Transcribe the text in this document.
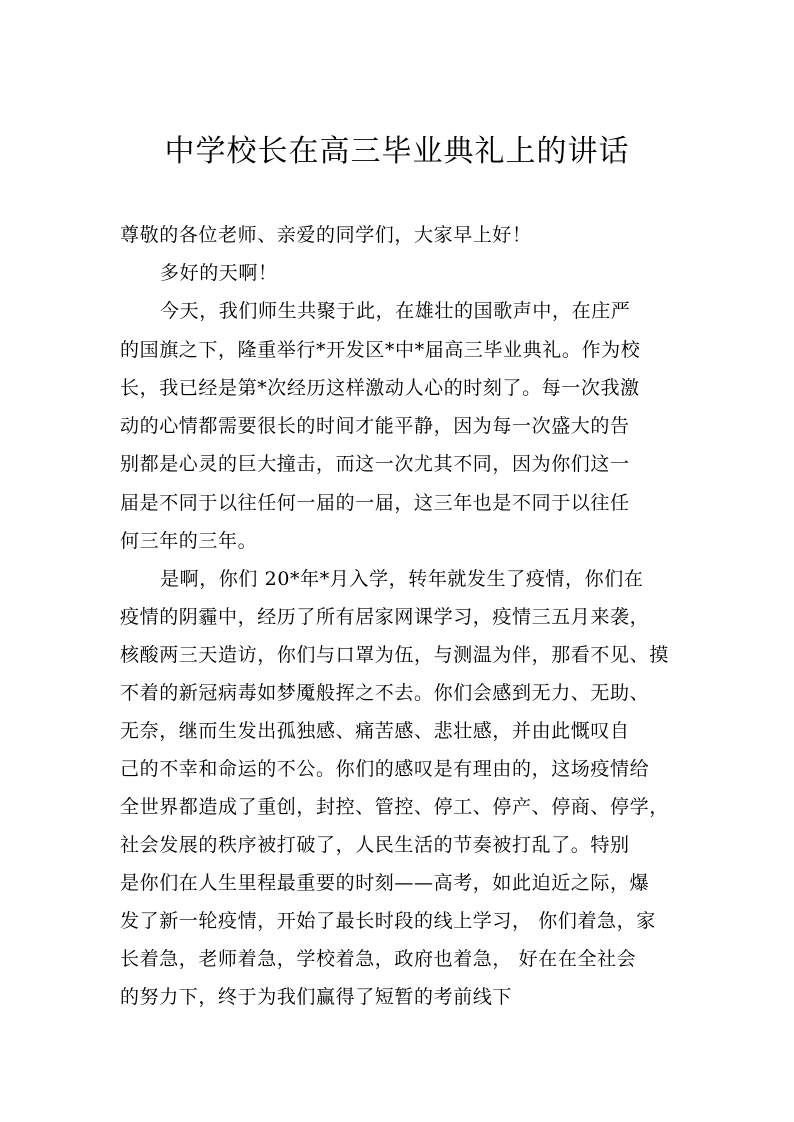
中学校长在高三毕业典礼上的讲话

尊敬的各位老师、亲爱的同学们，大家早上好！

多好的天啊！

今天，我们师生共聚于此，在雄壮的国歌声中，在庄严

的国旗之下，隆重举行*开发区*中*届高三毕业典礼。作为校

长，我已经是第*次经历这样激动人心的时刻了。每一次我激

动的心情都需要很长的时间才能平静，因为每一次盛大的告

别都是心灵的巨大撞击，而这一次尤其不同，因为你们这一

届是不同于以往任何一届的一届，这三年也是不同于以往任

何三年的三年。

是啊，你们 20*年*月入学，转年就发生了疫情，你们在

疫情的阴霾中，经历了所有居家网课学习，疫情三五月来袭，

核酸两三天造访，你们与口罩为伍，与测温为伴，那看不见、摸

不着的新冠病毒如梦魇般挥之不去。你们会感到无力、无助、

无奈，继而生发出孤独感、痛苦感、悲壮感，并由此慨叹自

己的不幸和命运的不公。你们的感叹是有理由的，这场疫情给

全世界都造成了重创，封控、管控、停工、停产、停商、停学，

社会发展的秩序被打破了，人民生活的节奏被打乱了。特别

是你们在人生里程最重要的时刻——高考，如此迫近之际，爆

发了新一轮疫情，开始了最长时段的线上学习， 你们着急，家

长着急，老师着急，学校着急，政府也着急， 好在在全社会

的努力下，终于为我们赢得了短暂的考前线下
